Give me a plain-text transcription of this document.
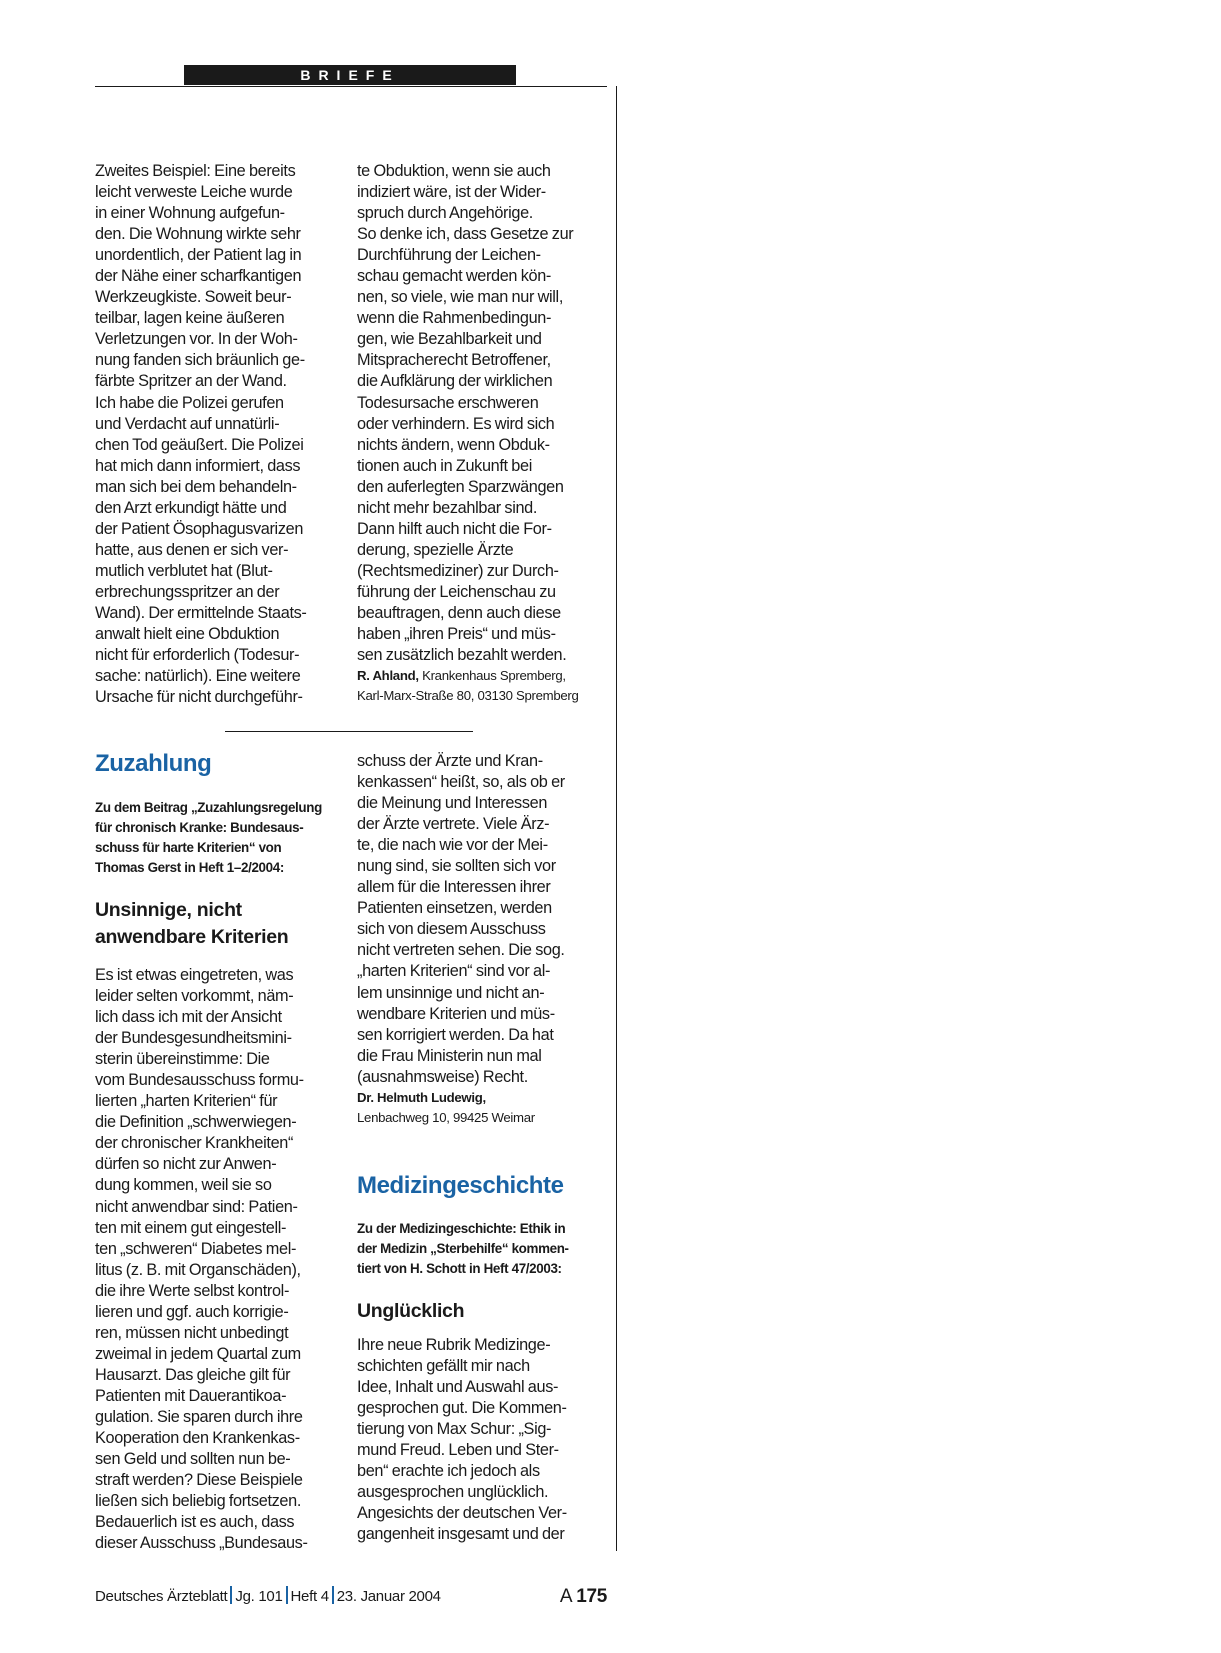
BRIEFE
Zweites Beispiel: Eine bereits
leicht verweste Leiche wurde
in einer Wohnung aufgefun-
den. Die Wohnung wirkte sehr
unordentlich, der Patient lag in
der Nähe einer scharfkantigen
Werkzeugkiste. Soweit beur-
teilbar, lagen keine äußeren
Verletzungen vor. In der Woh-
nung fanden sich bräunlich ge-
färbte Spritzer an der Wand.
Ich habe die Polizei gerufen
und Verdacht auf unnatürli-
chen Tod geäußert. Die Polizei
hat mich dann informiert, dass
man sich bei dem behandeln-
den Arzt erkundigt hätte und
der Patient Ösophagusvarizen
hatte, aus denen er sich ver-
mutlich verblutet hat (Blut-
erbrechungsspritzer an der
Wand). Der ermittelnde Staats-
anwalt hielt eine Obduktion
nicht für erforderlich (Todesur-
sache: natürlich). Eine weitere
Ursache für nicht durchgeführ-
te Obduktion, wenn sie auch
indiziert wäre, ist der Wider-
spruch durch Angehörige.
So denke ich, dass Gesetze zur
Durchführung der Leichen-
schau gemacht werden kön-
nen, so viele, wie man nur will,
wenn die Rahmenbedingun-
gen, wie Bezahlbarkeit und
Mitspracherecht Betroffener,
die Aufklärung der wirklichen
Todesursache erschweren
oder verhindern. Es wird sich
nichts ändern, wenn Obduk-
tionen auch in Zukunft bei
den auferlegten Sparzwängen
nicht mehr bezahlbar sind.
Dann hilft auch nicht die For-
derung, spezielle Ärzte
(Rechtsmediziner) zur Durch-
führung der Leichenschau zu
beauftragen, denn auch diese
haben „ihren Preis“ und müs-
sen zusätzlich bezahlt werden.
R. Ahland, Krankenhaus Spremberg,
Karl-Marx-Straße 80, 03130 Spremberg
Zuzahlung
Zu dem Beitrag „Zuzahlungsregelung
für chronisch Kranke: Bundesaus-
schuss für harte Kriterien“ von
Thomas Gerst in Heft 1–2/2004:
Unsinnige, nicht
anwendbare Kriterien
Es ist etwas eingetreten, was
leider selten vorkommt, näm-
lich dass ich mit der Ansicht
der Bundesgesundheitsmini-
sterin übereinstimme: Die
vom Bundesausschuss formu-
lierten „harten Kriterien“ für
die Definition „schwerwiegen-
der chronischer Krankheiten“
dürfen so nicht zur Anwen-
dung kommen, weil sie so
nicht anwendbar sind: Patien-
ten mit einem gut eingestell-
ten „schweren“ Diabetes mel-
litus (z. B. mit Organschäden),
die ihre Werte selbst kontrol-
lieren und ggf. auch korrigie-
ren, müssen nicht unbedingt
zweimal in jedem Quartal zum
Hausarzt. Das gleiche gilt für
Patienten mit Dauerantikoa-
gulation. Sie sparen durch ihre
Kooperation den Krankenkas-
sen Geld und sollten nun be-
straft werden? Diese Beispiele
ließen sich beliebig fortsetzen.
Bedauerlich ist es auch, dass
dieser Ausschuss „Bundesaus-
schuss der Ärzte und Kran-
kenkassen“ heißt, so, als ob er
die Meinung und Interessen
der Ärzte vertrete. Viele Ärz-
te, die nach wie vor der Mei-
nung sind, sie sollten sich vor
allem für die Interessen ihrer
Patienten einsetzen, werden
sich von diesem Ausschuss
nicht vertreten sehen. Die sog.
„harten Kriterien“ sind vor al-
lem unsinnige und nicht an-
wendbare Kriterien und müs-
sen korrigiert werden. Da hat
die Frau Ministerin nun mal
(ausnahmsweise) Recht.
Dr. Helmuth Ludewig,
Lenbachweg 10, 99425 Weimar
Medizingeschichte
Zu der Medizingeschichte: Ethik in
der Medizin „Sterbehilfe“ kommen-
tiert von H. Schott in Heft 47/2003:
Unglücklich
Ihre neue Rubrik Medizinge-
schichten gefällt mir nach
Idee, Inhalt und Auswahl aus-
gesprochen gut. Die Kommen-
tierung von Max Schur: „Sig-
mund Freud. Leben und Ster-
ben“ erachte ich jedoch als
ausgesprochen unglücklich.
Angesichts der deutschen Ver-
gangenheit insgesamt und der
Deutsches Ärzteblatt Jg. 101 Heft 4 23. Januar 2004	A 175
